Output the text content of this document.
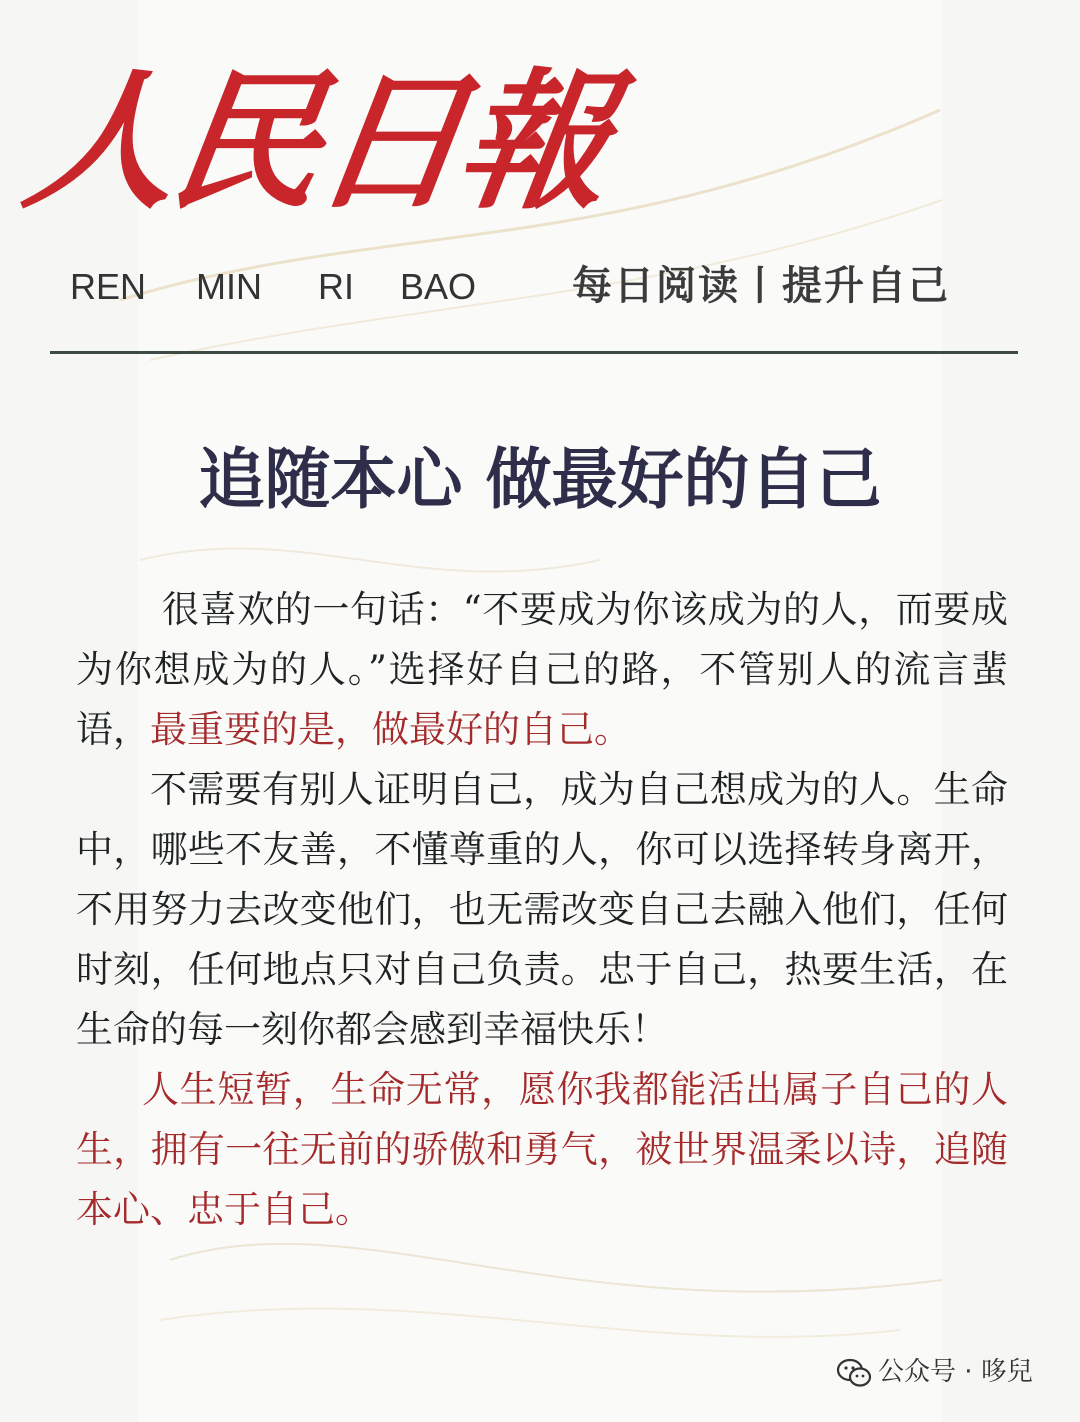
人民日報
REN MIN RI BAO 每日阅读丨提升自己
追随本心 做最好的自己

很喜欢的一句话：“不要成为你该成为的人，而要成为你想成为的人。”选择好自己的路，不管别人的流言蜚语，最重要的是，做最好的自己。

不需要有别人证明自己，成为自己想成为的人。生命中，哪些不友善，不懂尊重的人，你可以选择转身离开，不用努力去改变他们，也无需改变自己去融入他们，任何时刻，任何地点只对自己负责。忠于自己，热要生活，在生命的每一刻你都会感到幸福快乐！

人生短暂，生命无常，愿你我都能活出属子自己的人生，拥有一往无前的骄傲和勇气，被世界温柔以诗，追随本心、忠于自己。

公众号 · 哆兒
